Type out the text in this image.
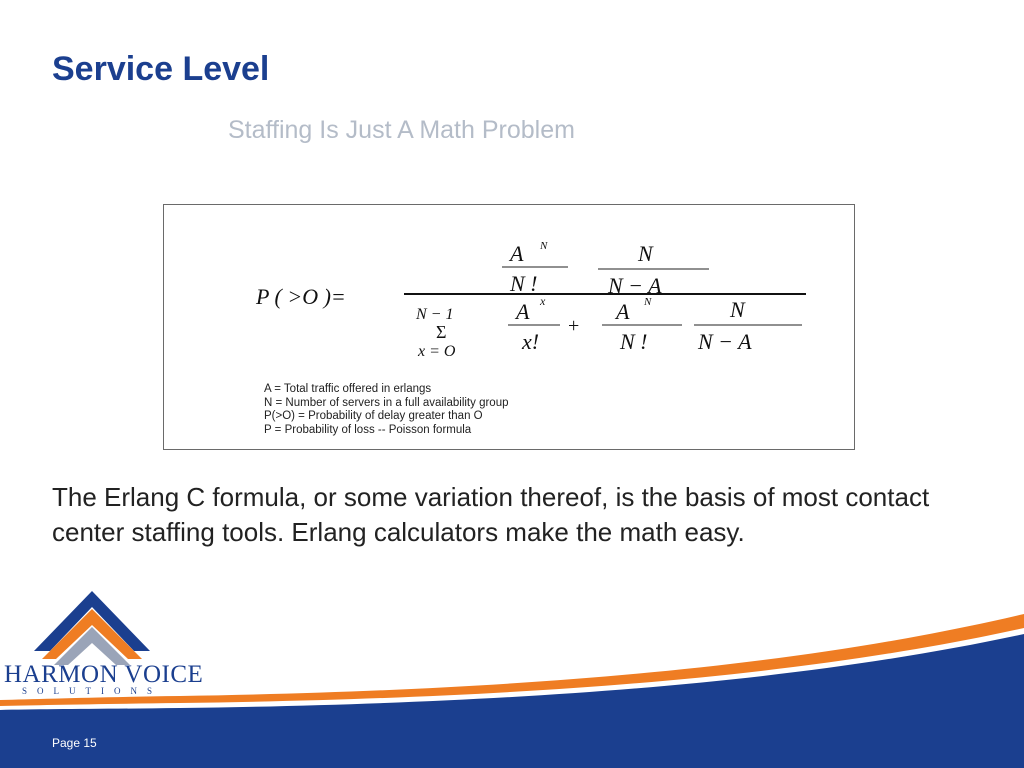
Service Level
Staffing Is Just A Math Problem
P ( >O )=
A N
N !
N
N − A
N − 1
Σ
x = O
A x
x!
+
A N
N !
N
N − A
A = Total traffic offered in erlangs
N = Number of servers in a full availability group
P(>O) = Probability of delay greater than O
P = Probability of loss -- Poisson formula
The Erlang C formula, or some variation thereof, is the basis of most contact center staffing tools. Erlang calculators make the math easy.
HARMON VOICE
SOLUTIONS
Page 15
